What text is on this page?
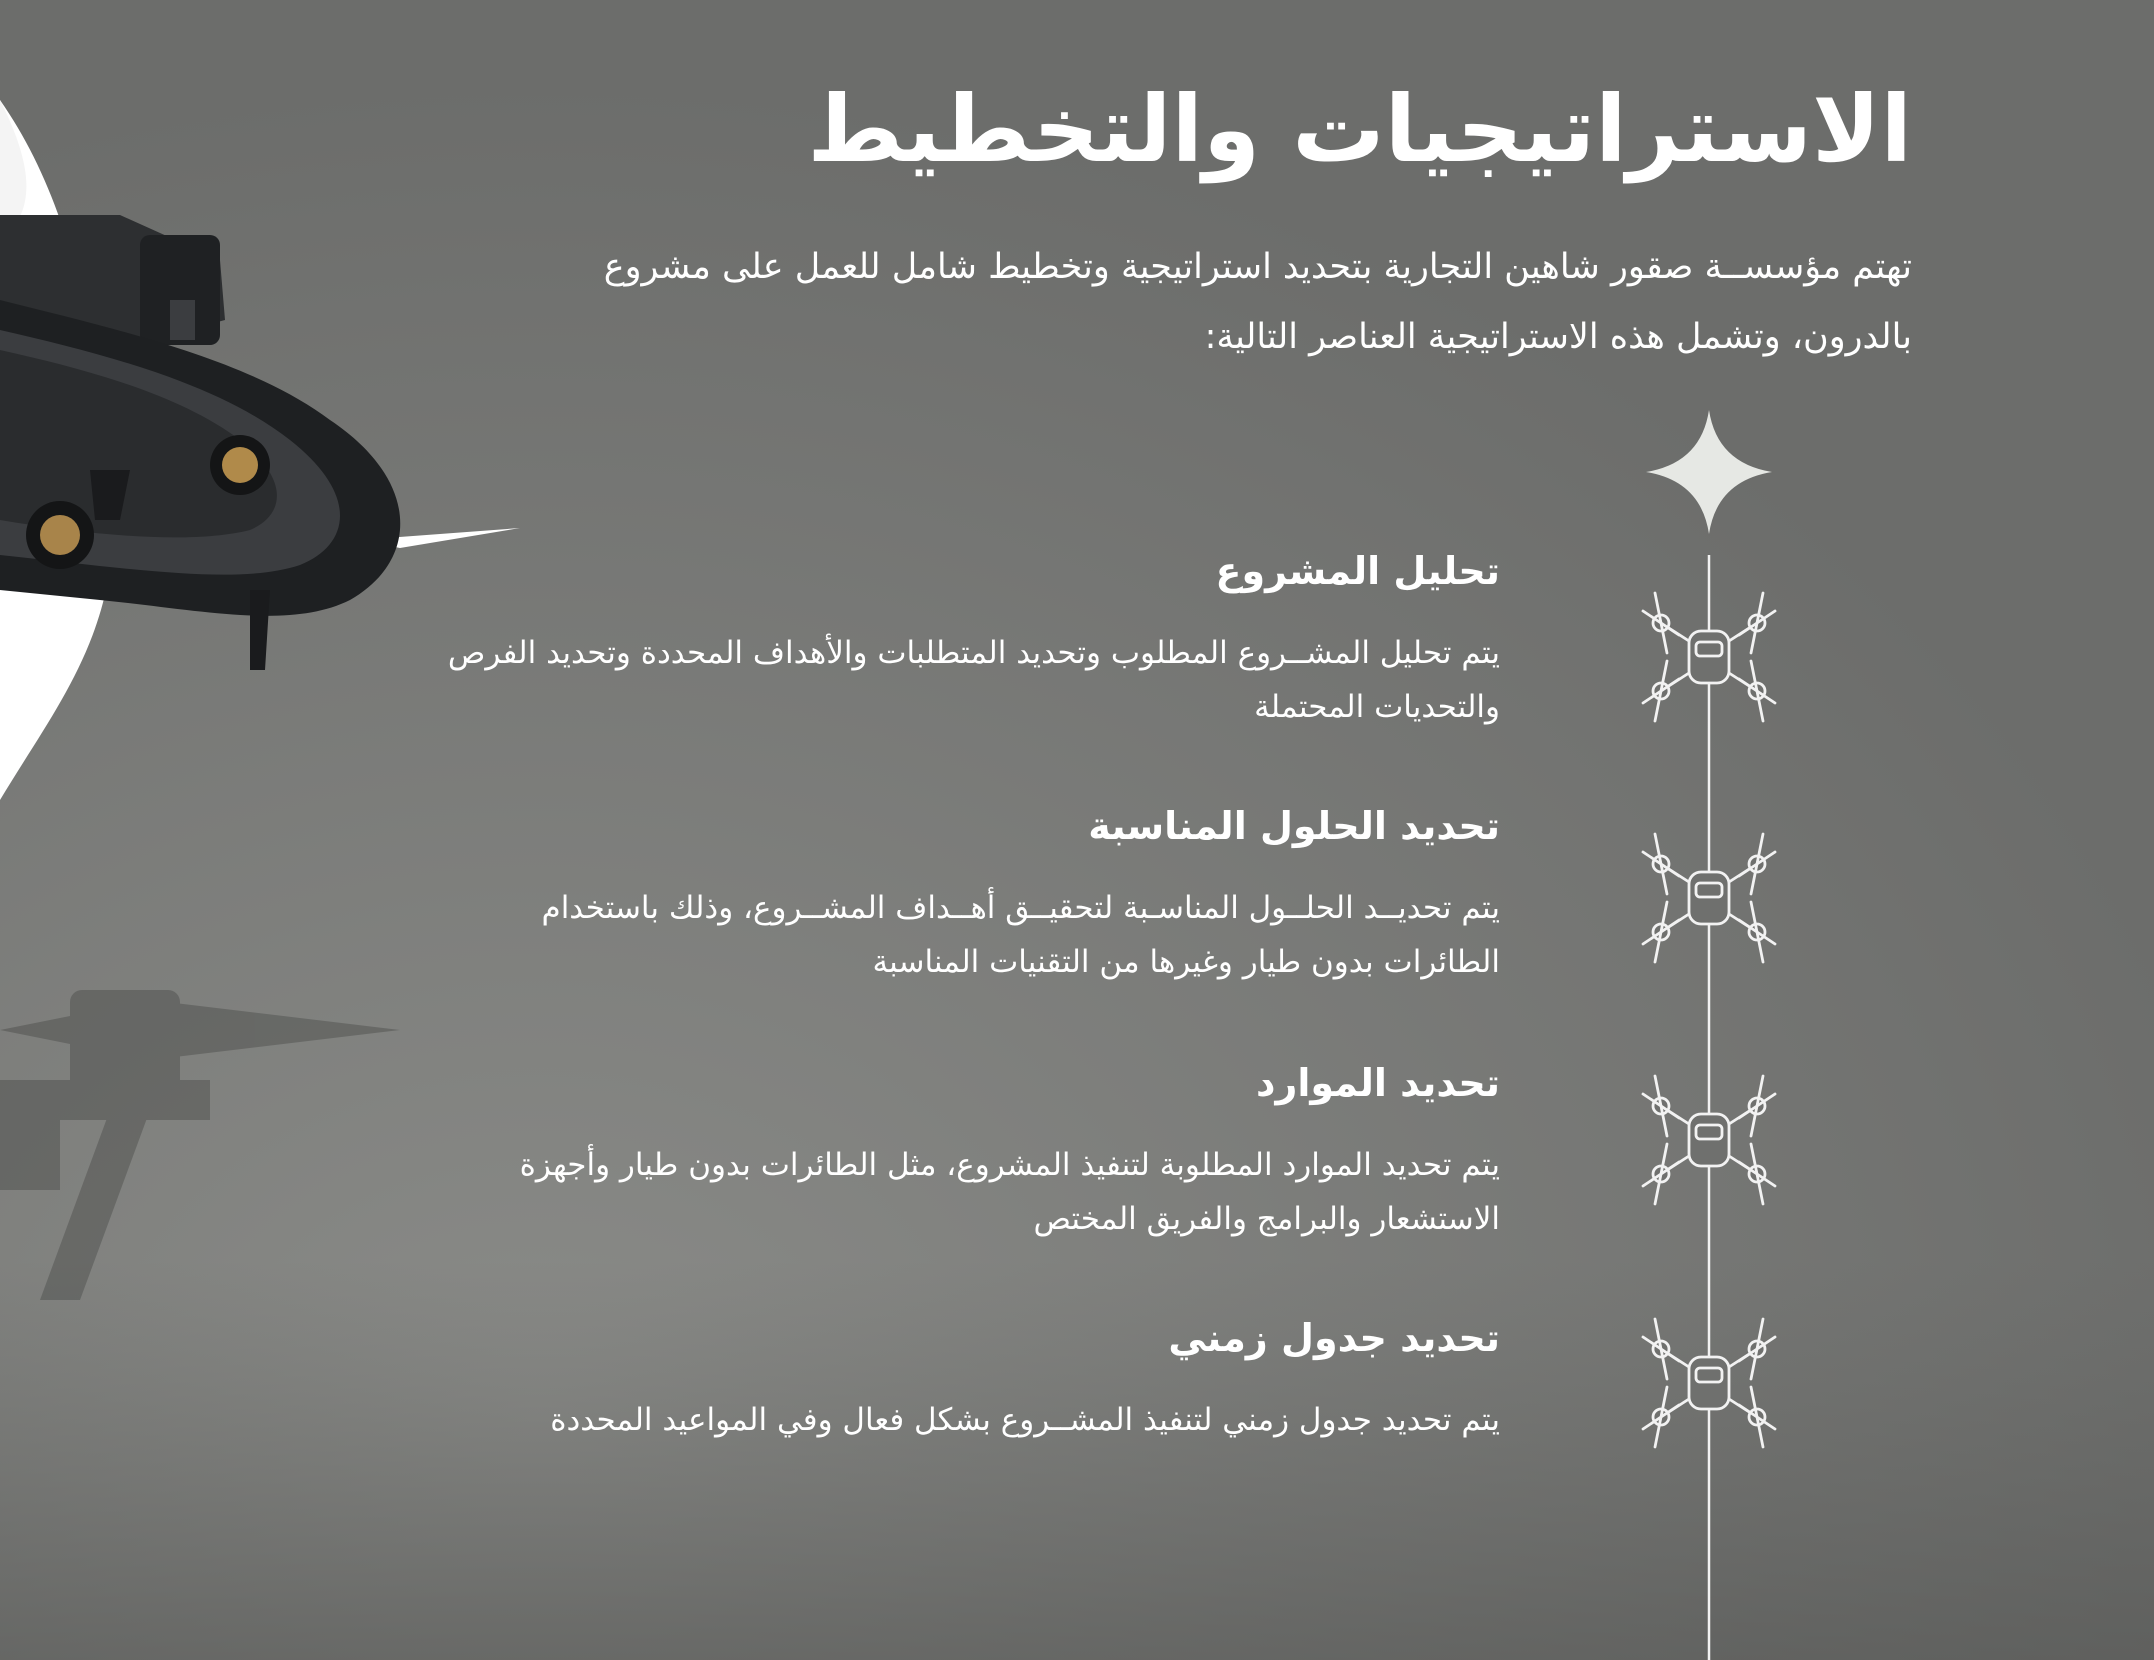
الاستراتيجيات والتخطيط

تهتم مؤسســة صقور شاهين التجارية بتحديد استراتيجية وتخطيط شامل للعمل على مشروع بالدرون، وتشمل هذه الاستراتيجية العناصر التالية:

تحليل المشروع

يتم تحليل المشــروع المطلوب وتحديد المتطلبات والأهداف المحددة وتحديد الفرص والتحديات المحتملة

تحديد الحلول المناسبة

يتم تحديــد الحلــول المناسـبة لتحقيــق أهــداف المشــروع، وذلك باستخدام الطائرات بدون طيار وغيرها من التقنيات المناسبة

تحديد الموارد

يتم تحديد الموارد المطلوبة لتنفيذ المشروع، مثل الطائرات بدون طيار وأجهزة الاستشعار والبرامج والفريق المختص

تحديد جدول زمني

يتم تحديد جدول زمني لتنفيذ المشــروع بشكل فعال وفي المواعيد المحددة
